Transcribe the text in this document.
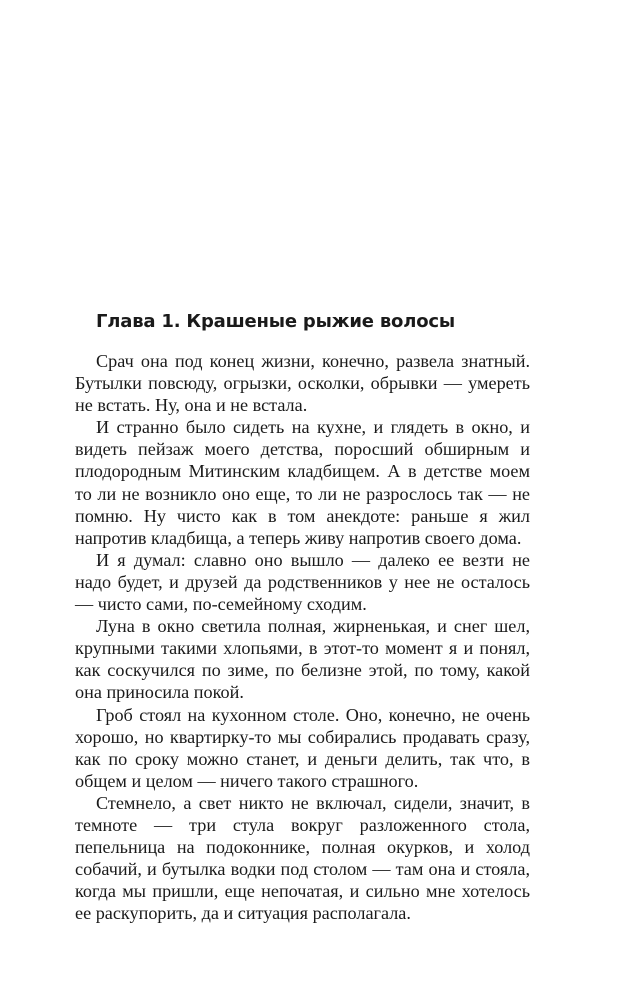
Глава 1. Крашеные рыжие волосы

Срач она под конец жизни, конечно, развела знатный. Бутылки повсюду, огрызки, осколки, обрывки — умереть не встать. Ну, она и не встала.

И странно было сидеть на кухне, и глядеть в окно, и видеть пейзаж моего детства, поросший обширным и плодородным Митинским кладбищем. А в детстве моем то ли не возникло оно еще, то ли не разрослось так — не помню. Ну чисто как в том анекдоте: раньше я жил напротив кладбища, а теперь живу напротив своего дома.

И я думал: славно оно вышло — далеко ее везти не надо будет, и друзей да родственников у нее не осталось — чисто сами, по-семейному сходим.

Луна в окно светила полная, жирненькая, и снег шел, крупными такими хлопьями, в этот-то момент я и понял, как соскучился по зиме, по белизне этой, по тому, какой она приносила покой.

Гроб стоял на кухонном столе. Оно, конечно, не очень хорошо, но квартирку-то мы собирались продавать сразу, как по сроку можно станет, и деньги делить, так что, в общем и целом — ничего такого страшного.

Стемнело, а свет никто не включал, сидели, значит, в темноте — три стула вокруг разложенного стола, пепельница на подоконнике, полная окурков, и холод собачий, и бутылка водки под столом — там она и стояла, когда мы пришли, еще непочатая, и сильно мне хотелось ее раскупорить, да и ситуация располагала.
